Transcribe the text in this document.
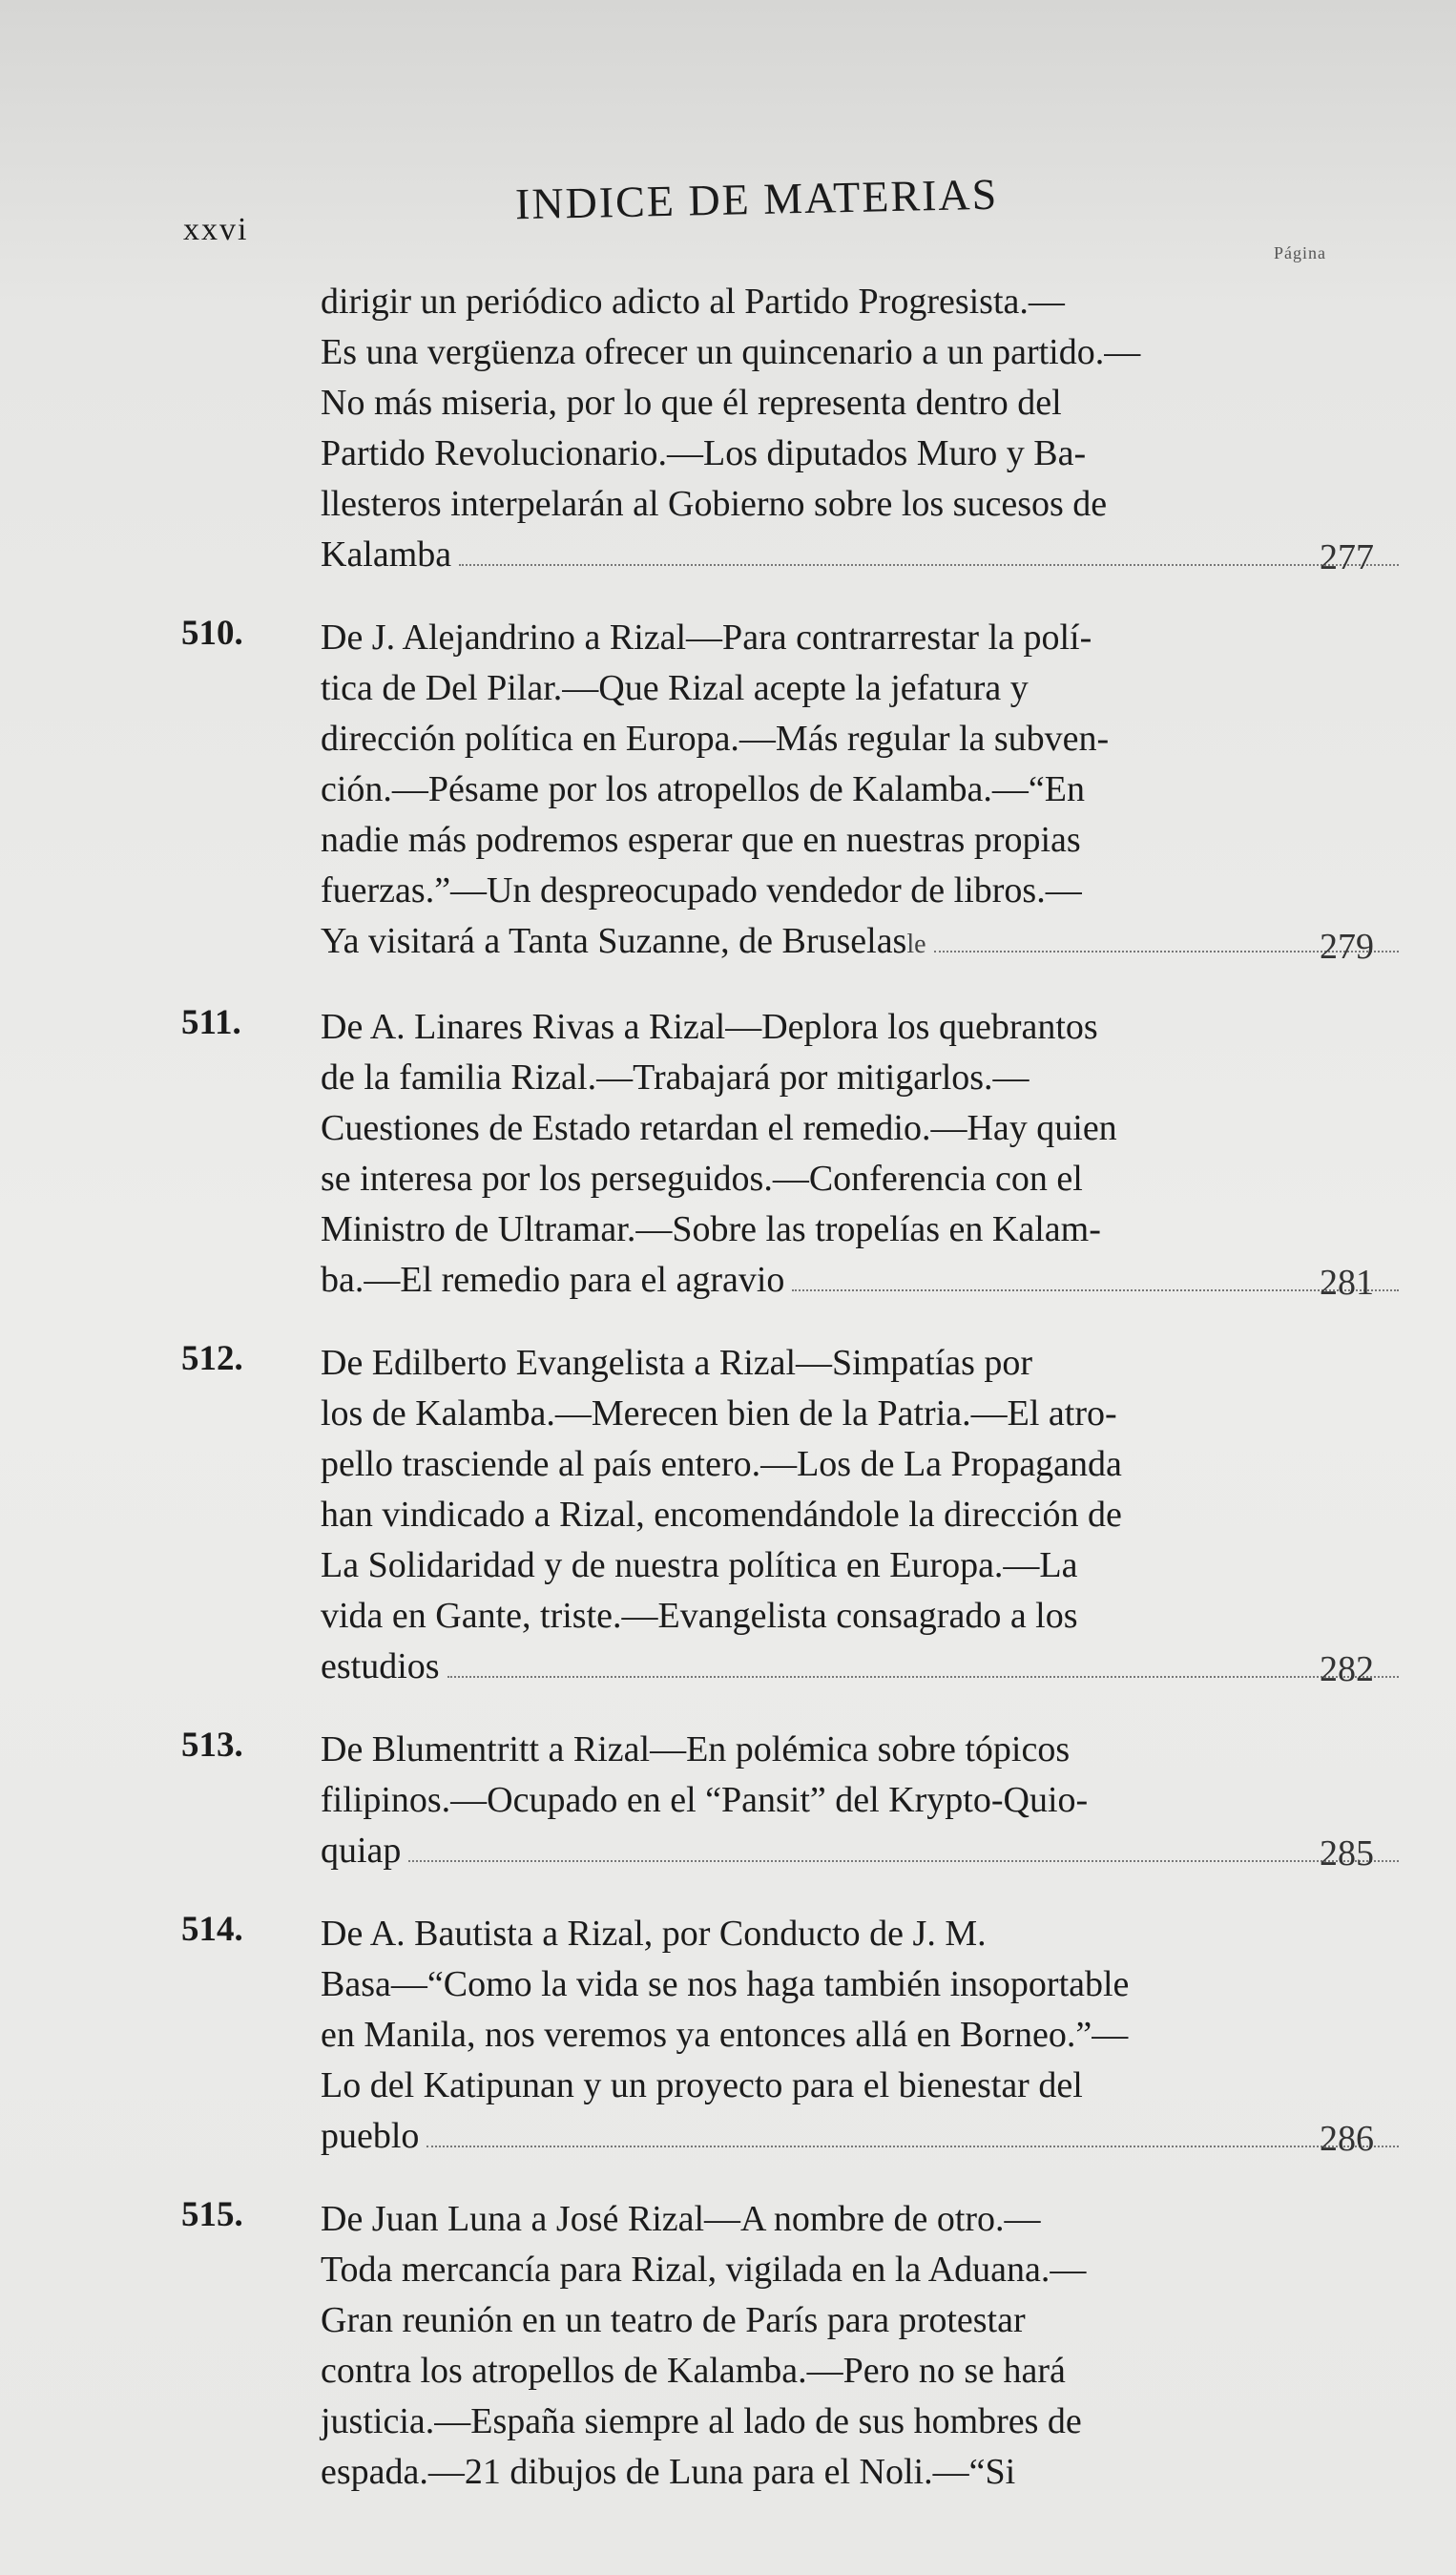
xxvi
INDICE DE MATERIAS
Página
dirigir un periódico adicto al Partido Progresista.—
Es una vergüenza ofrecer un quincenario a un partido.—
No más miseria, por lo que él representa dentro del
Partido Revolucionario.—Los diputados Muro y Ba-
llesteros interpelarán al Gobierno sobre los sucesos de
Kalamba	277
510.	De J. Alejandrino a Rizal—Para contrarrestar la polí-
tica de Del Pilar.—Que Rizal acepte la jefatura y
dirección política en Europa.—Más regular la subven-
ción.—Pésame por los atropellos de Kalamba.—“En
nadie más podremos esperar que en nuestras propias
fuerzas.”—Un despreocupado vendedor de libros.—
Ya visitará a Tanta Suzanne, de Bruselas le	279
511.	De A. Linares Rivas a Rizal—Deplora los quebrantos
de la familia Rizal.—Trabajará por mitigarlos.—
Cuestiones de Estado retardan el remedio.—Hay quien
se interesa por los perseguidos.—Conferencia con el
Ministro de Ultramar.—Sobre las tropelías en Kalam-
ba.—El remedio para el agravio	281
512.	De Edilberto Evangelista a Rizal—Simpatías por
los de Kalamba.—Merecen bien de la Patria.—El atro-
pello trasciende al país entero.—Los de La Propaganda
han vindicado a Rizal, encomendándole la dirección de
La Solidaridad y de nuestra política en Europa.—La
vida en Gante, triste.—Evangelista consagrado a los
estudios	282
513.	De Blumentritt a Rizal—En polémica sobre tópicos
filipinos.—Ocupado en el “Pansit” del Krypto-Quio-
quiap	285
514.	De A. Bautista a Rizal, por Conducto de J. M.
Basa—“Como la vida se nos haga también insoportable
en Manila, nos veremos ya entonces allá en Borneo.”—
Lo del Katipunan y un proyecto para el bienestar del
pueblo	286
515.	De Juan Luna a José Rizal—A nombre de otro.—
Toda mercancía para Rizal, vigilada en la Aduana.—
Gran reunión en un teatro de París para protestar
contra los atropellos de Kalamba.—Pero no se hará
justicia.—España siempre al lado de sus hombres de
espada.—21 dibujos de Luna para el Noli.—“Si
